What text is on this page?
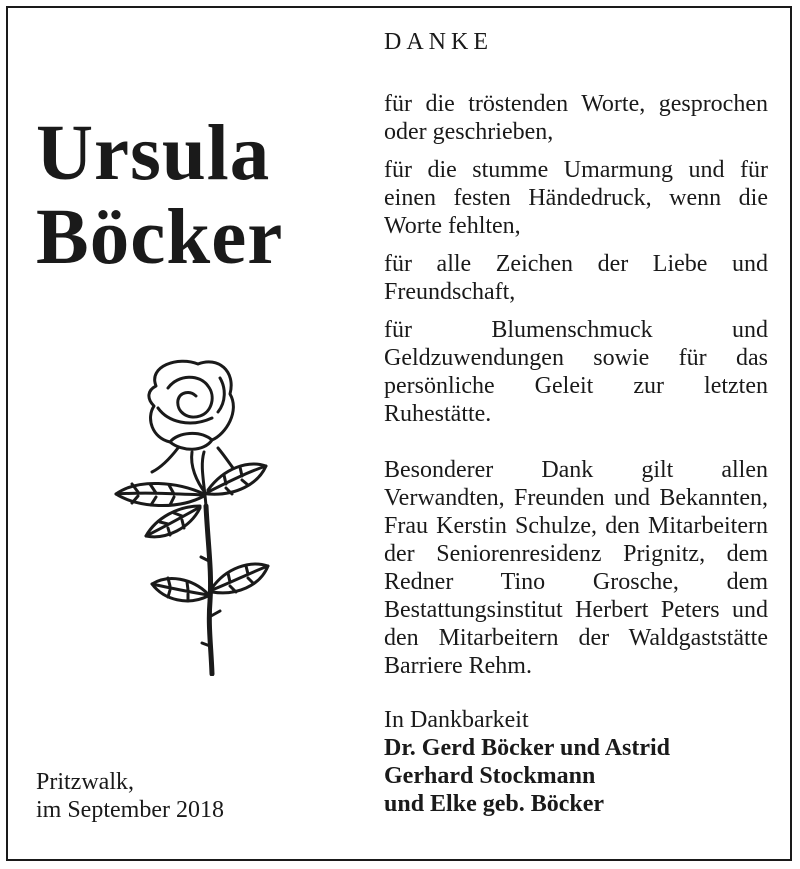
Ursula
Böcker
Pritzwalk,
im September 2018
DANKE
für die tröstenden Worte, gesprochen oder geschrieben,
für die stumme Umarmung und für einen festen Händedruck, wenn die Worte fehlten,
für alle Zeichen der Liebe und Freundschaft,
für Blumenschmuck und Geldzuwendungen sowie für das persönliche Geleit zur letzten Ruhestätte.
Besonderer Dank gilt allen Verwandten, Freunden und Bekannten, Frau Kerstin Schulze, den Mitarbeitern der Seniorenresidenz Prignitz, dem Redner Tino Grosche, dem Bestattungsinstitut Herbert Peters und den Mitarbeitern der Waldgaststätte Barriere Rehm.
In Dankbarkeit
Dr. Gerd Böcker und Astrid
Gerhard Stockmann
und Elke geb. Böcker
